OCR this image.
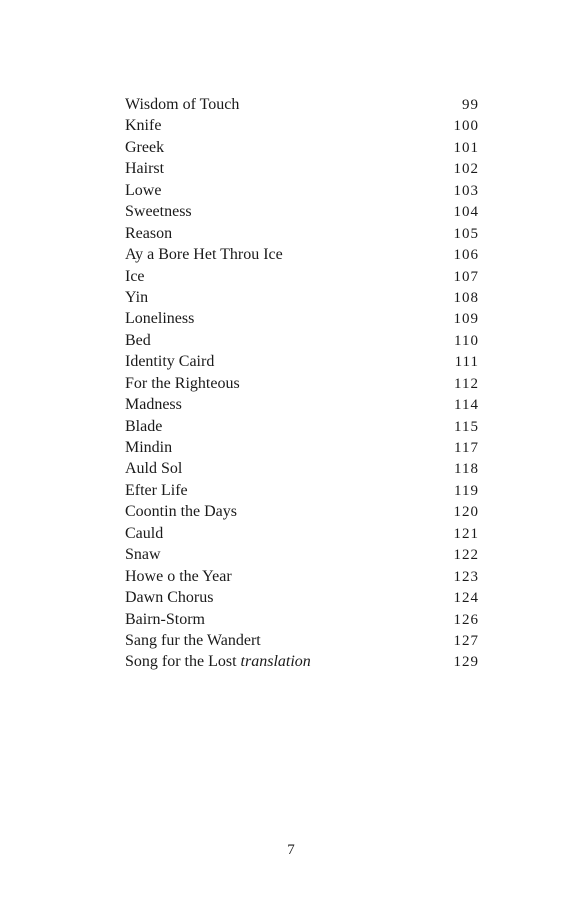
Wisdom of Touch	99
Knife	100
Greek	101
Hairst	102
Lowe	103
Sweetness	104
Reason	105
Ay a Bore Het Throu Ice	106
Ice	107
Yin	108
Loneliness	109
Bed	110
Identity Caird	111
For the Righteous	112
Madness	114
Blade	115
Mindin	117
Auld Sol	118
Efter Life	119
Coontin the Days	120
Cauld	121
Snaw	122
Howe o the Year	123
Dawn Chorus	124
Bairn-Storm	126
Sang fur the Wandert	127
Song for the Lost translation	129
7
